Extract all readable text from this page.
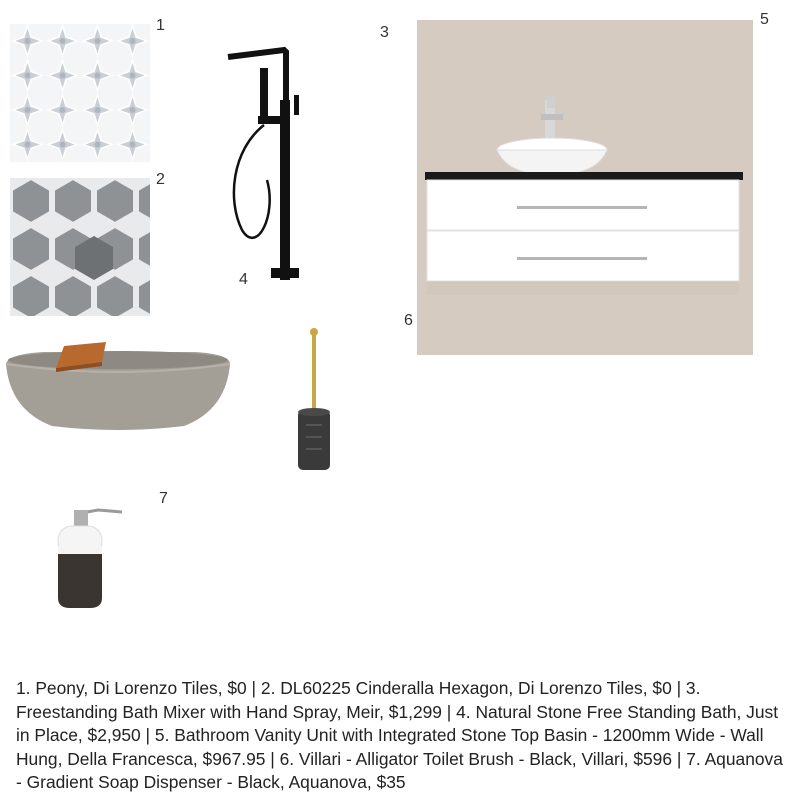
1
2
3
4
5
6
7

1. Peony, Di Lorenzo Tiles, $0 | 2. DL60225 Cinderalla Hexagon, Di Lorenzo Tiles, $0 | 3. Freestanding Bath Mixer with Hand Spray, Meir, $1,299 | 4. Natural Stone Free Standing Bath, Just in Place, $2,950 | 5. Bathroom Vanity Unit with Integrated Stone Top Basin - 1200mm Wide - Wall Hung, Della Francesca, $967.95 | 6. Villari - Alligator Toilet Brush - Black, Villari, $596 | 7. Aquanova - Gradient Soap Dispenser - Black, Aquanova, $35
